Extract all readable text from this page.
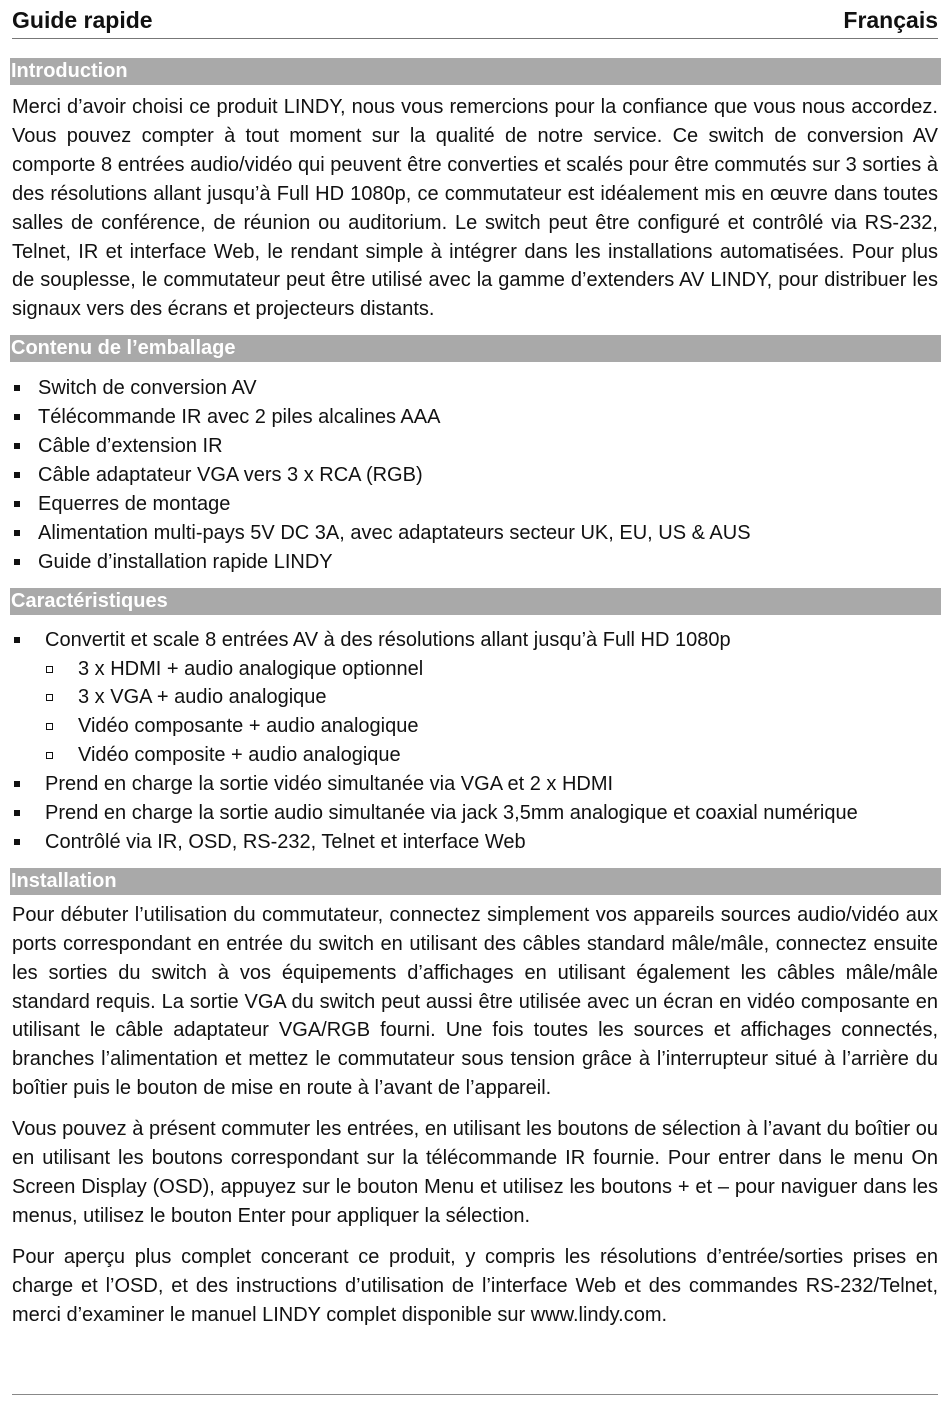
Guide rapide	Français
Introduction

Merci d’avoir choisi ce produit LINDY, nous vous remercions pour la confiance que vous nous accordez. Vous pouvez compter à tout moment sur la qualité de notre service. Ce switch de conversion AV comporte 8 entrées audio/vidéo qui peuvent être converties et scalés pour être commutés sur 3 sorties à des résolutions allant jusqu’à Full HD 1080p, ce commutateur est idéalement mis en œuvre dans toutes salles de conférence, de réunion ou auditorium. Le switch peut être configuré et contrôlé via RS-232, Telnet, IR et interface Web, le rendant simple à intégrer dans les installations automatisées. Pour plus de souplesse, le commutateur peut être utilisé avec la gamme d’extenders AV LINDY, pour distribuer les signaux vers des écrans et projecteurs distants.

Contenu de l’emballage
Switch de conversion AV
Télécommande IR avec 2 piles alcalines AAA
Câble d’extension IR
Câble adaptateur VGA vers 3 x RCA (RGB)
Equerres de montage
Alimentation multi-pays 5V DC 3A, avec adaptateurs secteur UK, EU, US & AUS
Guide d’installation rapide LINDY
Caractéristiques
Convertit et scale 8 entrées AV à des résolutions allant jusqu’à Full HD 1080p
3 x HDMI + audio analogique optionnel
3 x VGA + audio analogique
Vidéo composante + audio analogique
Vidéo composite + audio analogique
Prend en charge la sortie vidéo simultanée via VGA et 2 x HDMI
Prend en charge la sortie audio simultanée via jack 3,5mm analogique et coaxial numérique
Contrôlé via IR, OSD, RS-232, Telnet et interface Web
Installation

Pour débuter l’utilisation du commutateur, connectez simplement vos appareils sources audio/vidéo aux ports correspondant en entrée du switch en utilisant des câbles standard mâle/mâle, connectez ensuite les sorties du switch à vos équipements d’affichages en utilisant également les câbles mâle/mâle standard requis. La sortie VGA du switch peut aussi être utilisée avec un écran en vidéo composante en utilisant le câble adaptateur VGA/RGB fourni. Une fois toutes les sources et affichages connectés, branches l’alimentation et mettez le commutateur sous tension grâce à l’interrupteur situé à l’arrière du boîtier puis le bouton de mise en route à l’avant de l’appareil.

Vous pouvez à présent commuter les entrées, en utilisant les boutons de sélection à l’avant du boîtier ou en utilisant les boutons correspondant sur la télécommande IR fournie. Pour entrer dans le menu On Screen Display (OSD), appuyez sur le bouton Menu et utilisez les boutons + et – pour naviguer dans les menus, utilisez le bouton Enter pour appliquer la sélection.

Pour aperçu plus complet concerant ce produit, y compris les résolutions d’entrée/sorties prises en charge et l’OSD, et des instructions d’utilisation de l’interface Web et des commandes RS-232/Telnet, merci d’examiner le manuel LINDY complet disponible sur www.lindy.com.
